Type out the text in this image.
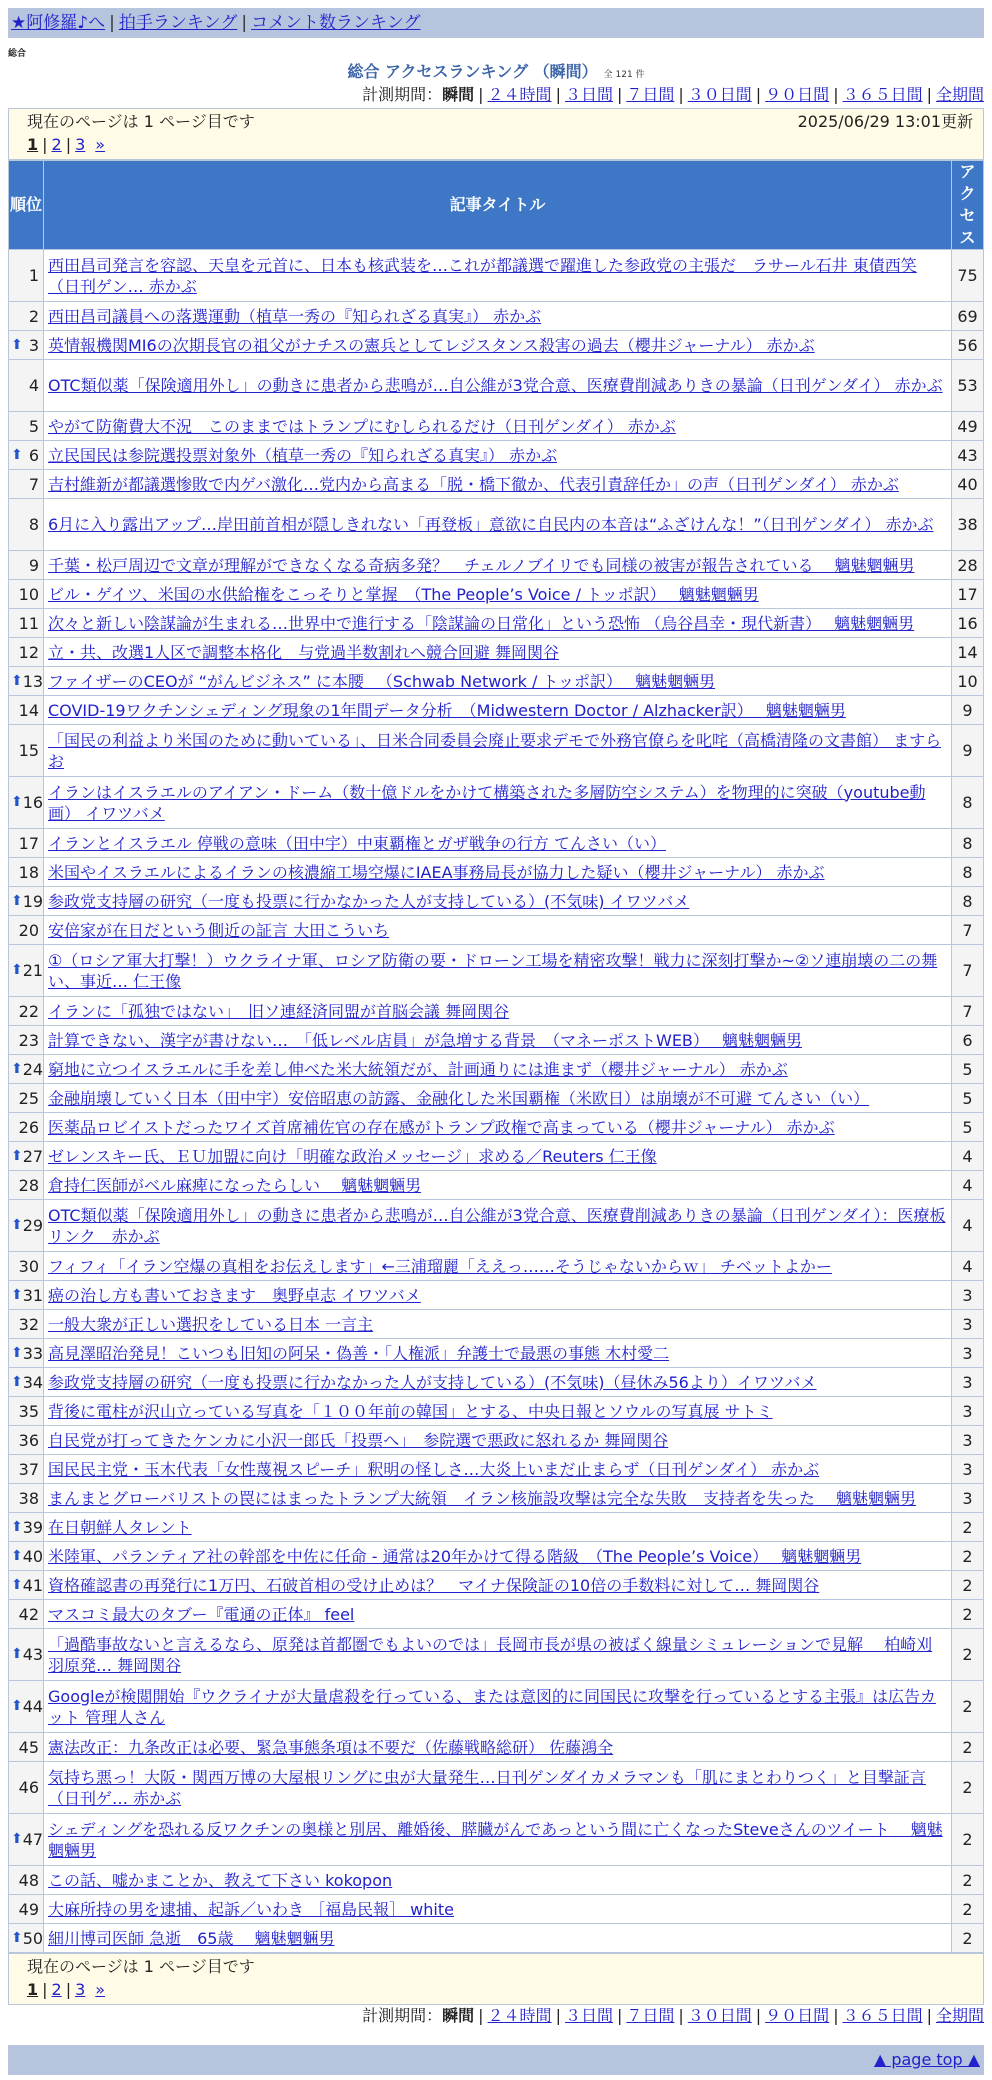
★阿修羅♪へ | 拍手ランキング | コメント数ランキング
総合
総合 アクセスランキング （瞬間） 全 121 件
計測期間：瞬間 | ２４時間 | ３日間 | ７日間 | ３０日間 | ９０日間 | ３６５日間 | 全期間
現在のページは 1 ページ目です	2025/06/29 13:01更新
1 | 2 | 3 »
順位	記事タイトル	アクセス
1	西田昌司発言を容認、天皇を元首に、日本も核武装を…これが都議選で躍進した参政党の主張だ　ラサール石井 東債西笑（日刊ゲン… 赤かぶ	75
2	西田昌司議員への落選運動（植草一秀の『知られざる真実』） 赤かぶ	69

⬆ 3	英情報機関MI6の次期長官の祖父がナチスの憲兵としてレジスタンス殺害の過去（櫻井ジャーナル） 赤かぶ	56
4	OTC類似薬「保険適用外し」の動きに患者から悲鳴が…自公維が3党合意、医療費削減ありきの暴論（日刊ゲンダイ） 赤かぶ	53
5	やがて防衛費大不況　このままではトランプにむしられるだけ（日刊ゲンダイ） 赤かぶ	49

⬆ 6	立民国民は参院選投票対象外（植草一秀の『知られざる真実』） 赤かぶ	43
7	吉村維新が都議選惨敗で内ゲバ激化…党内から高まる「脱・橋下徹か、代表引責辞任か」の声（日刊ゲンダイ） 赤かぶ	40
8	6月に入り露出アップ…岸田前首相が隠しきれない「再登板」意欲に自民内の本音は“ふざけんな！”（日刊ゲンダイ） 赤かぶ	38
9	千葉・松戸周辺で文章が理解ができなくなる奇病多発？　チェルノブイリでも同様の被害が報告されている　 魑魅魍魎男	28
10	ビル・ゲイツ、米国の水供給権をこっそりと掌握　（The People’s Voice / トッポ訳）　 魑魅魍魎男	17
11	次々と新しい陰謀論が生まれる…世界中で進行する「陰謀論の日常化」という恐怖 （烏谷昌幸・現代新書）　 魑魅魍魎男	16
12	立・共、改選1人区で調整本格化　与党過半数割れへ競合回避 舞岡関谷	14

⬆ 13	ファイザーのCEOが “がんビジネス” に本腰 　（Schwab Network / トッポ訳）　 魑魅魍魎男	10
14	COVID-19ワクチンシェディング現象の1年間データ分析　（Midwestern Doctor / Alzhacker訳）　 魑魅魍魎男	9
15	「国民の利益より米国のために動いている」、日米合同委員会廃止要求デモで外務官僚らを叱咤（高橋清隆の文書館） ますらお	9

⬆ 16	イランはイスラエルのアイアン・ドーム（数十億ドルをかけて構築された多層防空システム）を物理的に突破（youtube動画） イワツバメ	8
17	イランとイスラエル 停戦の意味（田中宇）中東覇権とガザ戦争の行方 てんさい（い）	8
18	米国やイスラエルによるイランの核濃縮工場空爆にIAEA事務局長が協力した疑い（櫻井ジャーナル） 赤かぶ	8

⬆ 19	参政党支持層の研究（一度も投票に行かなかった人が支持している）(不気味) イワツバメ	8
20	安倍家が在日だという側近の証言 大田こういち	7

⬆ 21	①（ロシア軍大打撃！）ウクライナ軍、ロシア防衛の要・ドローン工場を精密攻撃！戦力に深刻打撃か~②ソ連崩壊の二の舞い、事近… 仁王像	7
22	イランに「孤独ではない」　旧ソ連経済同盟が首脳会議 舞岡関谷	7
23	計算できない、漢字が書けない…　「低レベル店員」が急増する背景　（マネーポストWEB）　 魑魅魍魎男	6

⬆ 24	窮地に立つイスラエルに手を差し伸べた米大統領だが、計画通りには進まず（櫻井ジャーナル） 赤かぶ	5
25	金融崩壊していく日本（田中宇）安倍昭恵の訪露、金融化した米国覇権（米欧日）は崩壊が不可避 てんさい（い）	5
26	医薬品ロビイストだったワイズ首席補佐官の存在感がトランプ政権で高まっている（櫻井ジャーナル） 赤かぶ	5

⬆ 27	ゼレンスキー氏、ＥＵ加盟に向け「明確な政治メッセージ」求める／Reuters 仁王像	4
28	倉持仁医師がベル麻痺になったらしい　 魑魅魍魎男	4

⬆ 29	OTC類似薬「保険適用外し」の動きに患者から悲鳴が…自公維が3党合意、医療費削減ありきの暴論（日刊ゲンダイ）：医療板リンク　赤かぶ	4
30	フィフィ「イラン空爆の真相をお伝えします」←三浦瑠麗「ええっ……そうじゃないからｗ」 チベットよかー	4

⬆ 31	癌の治し方も書いておきます　奥野卓志 イワツバメ	3
32	一般大衆が正しい選択をしている日本 一言主	3

⬆ 33	高見澤昭治発見！こいつも旧知の阿呆・偽善・「人権派」弁護士で最悪の事態 木村愛二	3

⬆ 34	参政党支持層の研究（一度も投票に行かなかった人が支持している）(不気味)（昼休み56より）イワツバメ	3
35	背後に電柱が沢山立っている写真を「１００年前の韓国」とする、中央日報とソウルの写真展 サトミ	3
36	自民党が打ってきたケンカに小沢一郎氏「投票へ」　参院選で悪政に怒れるか 舞岡関谷	3
37	国民民主党・玉木代表「女性蔑視スピーチ」釈明の怪しさ…大炎上いまだ止まらず（日刊ゲンダイ） 赤かぶ	3
38	まんまとグローバリストの罠にはまったトランプ大統領　イラン核施設攻撃は完全な失敗　支持者を失った　 魑魅魍魎男	3

⬆ 39	在日朝鮮人タレント	2

⬆ 40	米陸軍、パランティア社の幹部を中佐に任命 - 通常は20年かけて得る階級　（The People’s Voice）　 魑魅魍魎男	2

⬆ 41	資格確認書の再発行に1万円、石破首相の受け止めは？　マイナ保険証の10倍の手数料に対して… 舞岡関谷	2
42	マスコミ最大のタブー『電通の正体』 feel	2

⬆ 43	「過酷事故ないと言えるなら、原発は首都圏でもよいのでは」長岡市長が県の被ばく線量シミュレーションで見解　 柏崎刈羽原発… 舞岡関谷	2

⬆ 44	Googleが検閲開始『ウクライナが大量虐殺を行っている、または意図的に同国民に攻撃を行っているとする主張』は広告カット 管理人さん	2
45	憲法改正：九条改正は必要、緊急事態条項は不要だ（佐藤戦略総研） 佐藤鴻全	2
46	気持ち悪っ！大阪・関西万博の大屋根リングに虫が大量発生…日刊ゲンダイカメラマンも「肌にまとわりつく」と目撃証言（日刊ゲ… 赤かぶ	2

⬆ 47	シェディングを恐れる反ワクチンの奥様と別居、離婚後、膵臓がんであっという間に亡くなったSteveさんのツイート　 魑魅魍魎男	2
48	この話、嘘かまことか、教えて下さい kokopon	2
49	大麻所持の男を逮捕、起訴／いわき ［福島民報］ white	2

⬆ 50	細川博司医師 急逝　65歳　 魑魅魍魎男	2
現在のページは 1 ページ目です
1 | 2 | 3 »
計測期間：瞬間 | ２４時間 | ３日間 | ７日間 | ３０日間 | ９０日間 | ３６５日間 | 全期間
▲ page top ▲
